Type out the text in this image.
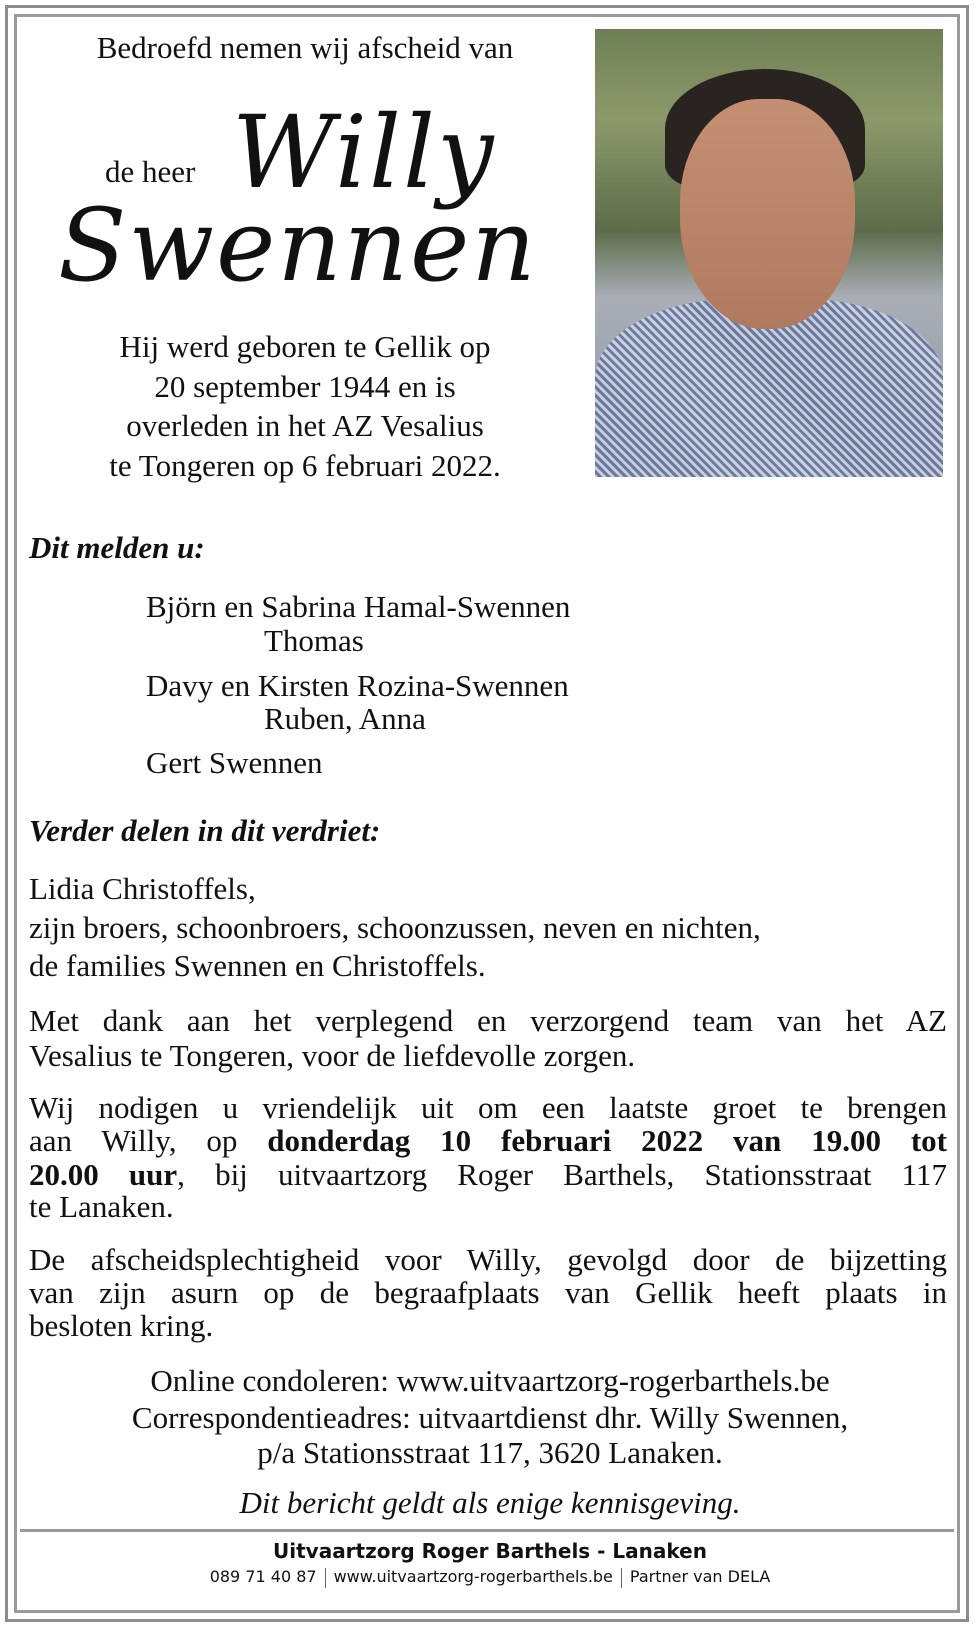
Bedroefd nemen wij afscheid van
de heer Willy
Swennen
Hij werd geboren te Gellik op
20 september 1944 en is
overleden in het AZ Vesalius
te Tongeren op 6 februari 2022.
Dit melden u:
Björn en Sabrina Hamal-Swennen
Thomas
Davy en Kirsten Rozina-Swennen
Ruben, Anna
Gert Swennen
Verder delen in dit verdriet:
Lidia Christoffels,
zijn broers, schoonbroers, schoonzussen, neven en nichten,
de families Swennen en Christoffels.
Met dank aan het verplegend en verzorgend team van het AZ
Vesalius te Tongeren, voor de liefdevolle zorgen.
Wij nodigen u vriendelijk uit om een laatste groet te brengen
aan Willy, op donderdag 10 februari 2022 van 19.00 tot
20.00 uur, bij uitvaartzorg Roger Barthels, Stationsstraat 117
te Lanaken.
De afscheidsplechtigheid voor Willy, gevolgd door de bijzetting
van zijn asurn op de begraafplaats van Gellik heeft plaats in
besloten kring.
Online condoleren: www.uitvaartzorg-rogerbarthels.be
Correspondentieadres: uitvaartdienst dhr. Willy Swennen,
p/a Stationsstraat 117, 3620 Lanaken.
Dit bericht geldt als enige kennisgeving.
Uitvaartzorg Roger Barthels - Lanaken
089 71 40 87 www.uitvaartzorg-rogerbarthels.be Partner van DELA
